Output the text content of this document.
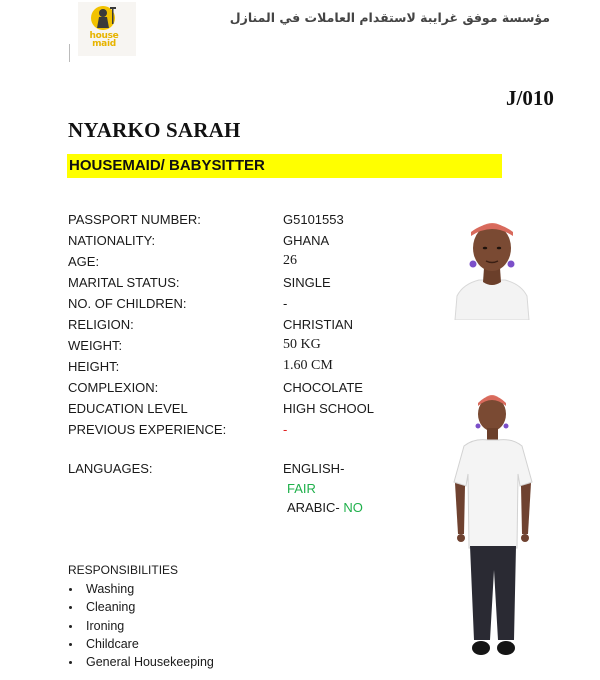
house
maid
مؤسسة موفق غرايبة لاستقدام العاملات في المنازل
J/010
NYARKO SARAH
HOUSEMAID/ BABYSITTER
PASSPORT NUMBER:	G5101553
NATIONALITY:	GHANA
AGE:	26
MARITAL STATUS:	SINGLE
NO. OF CHILDREN:	-
RELIGION:	CHRISTIAN
WEIGHT:	50 KG
HEIGHT:	1.60 CM
COMPLEXION:	CHOCOLATE
EDUCATION LEVEL	HIGH SCHOOL
PREVIOUS EXPERIENCE:	-
LANGUAGES:	ENGLISH-
FAIR
ARABIC- NO
RESPONSIBILITIES
Washing
Cleaning
Ironing
Childcare
General Housekeeping
